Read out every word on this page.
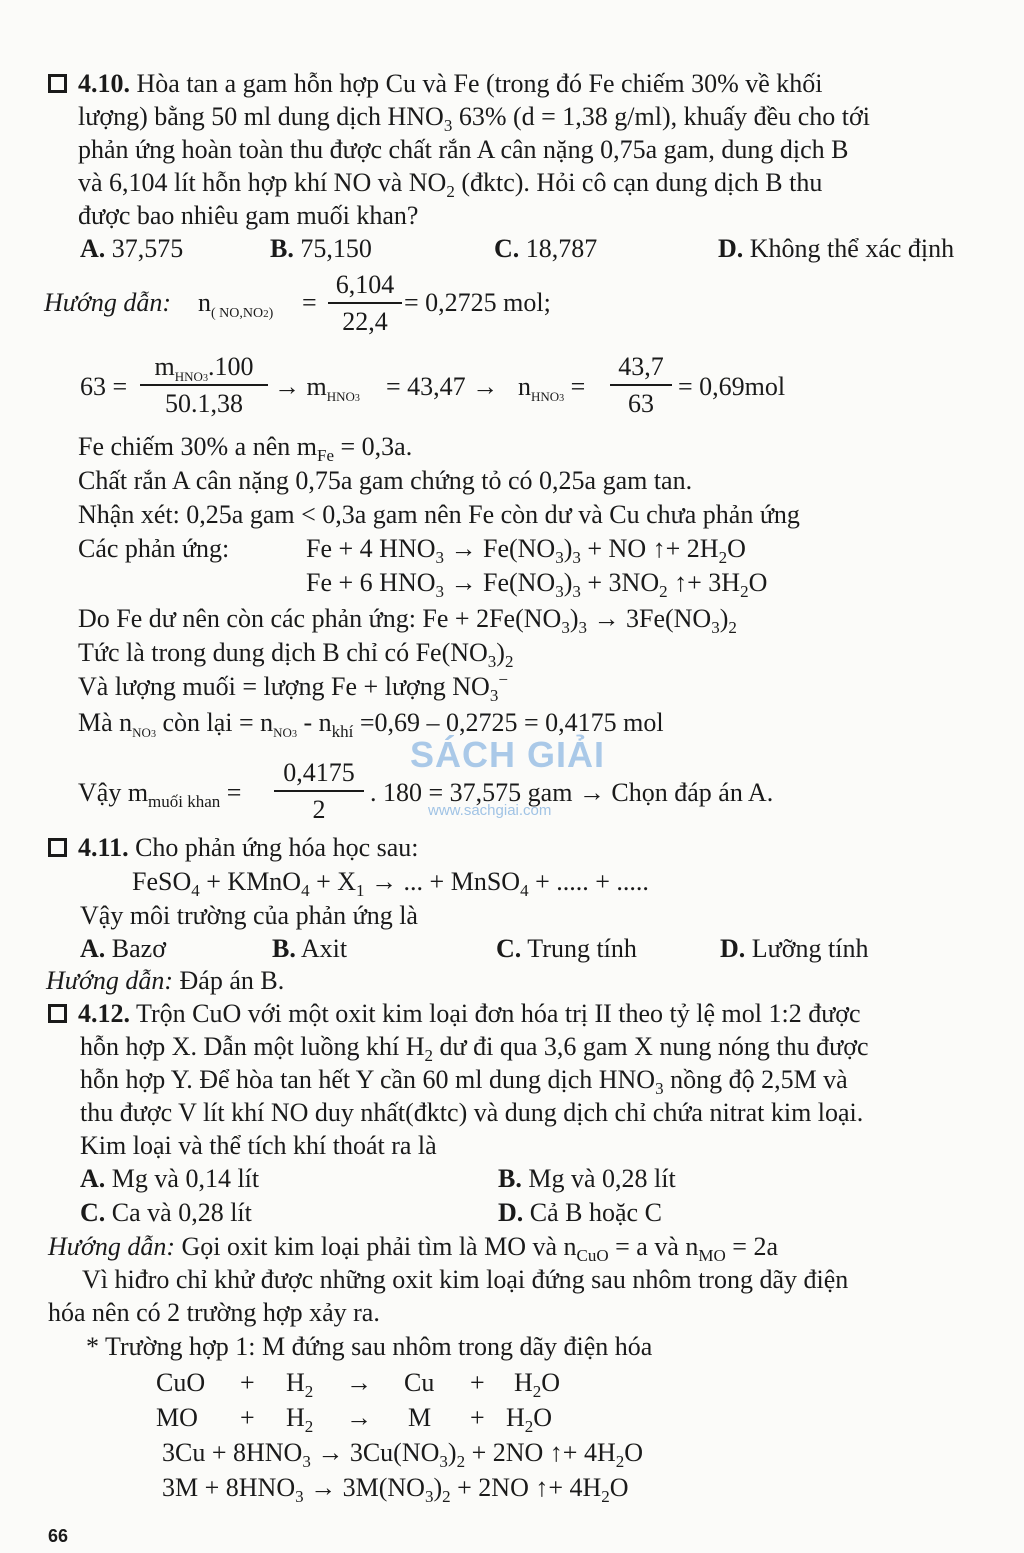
4.10. Hòa tan a gam hỗn hợp Cu và Fe (trong đó Fe chiếm 30% về khối
lượng) bằng 50 ml dung dịch $HNO_3$ 63% (d = 1,38 g/ml), khuấy đều cho tới
phản ứng hoàn toàn thu được chất rắn A cân nặng 0,75a gam, dung dịch B
và 6,104 lít hỗn hợp khí NO và $NO_2$ (đktc). Hỏi cô cạn dung dịch B thu
được bao nhiêu gam muối khan?
A. 37,575	B. 75,150	C. 18,787	D. Không thể xác định
Hướng dẫn: $n_{( NO,NO2)}$ =
6,104
22,4
= 0,2725 mol;
63 =
$m_{HNO3}.100$
50.1,38
→ $m_{HNO3} = 43,47 \to n_{HNO3}$ =
43,7
63
= 0,69mol
Fe chiếm 30% a nên $m_{Fe} = 0,3a$.
Chất rắn A cân nặng 0,75a gam chứng tỏ có 0,25a gam tan.
Nhận xét: 0,25a gam < 0,3a gam nên Fe còn dư và Cu chưa phản ứng
Các phản ứng:	Fe + 4 $HNO_3 \to Fe(NO_3)_3$ + NO ↑+ $2H_2O$
Fe + 6 $HNO_3 \to Fe(NO_3)_3 + 3NO_2$ ↑+ $3H_2O$
Do Fe dư nên còn các phản ứng: $Fe + 2Fe(NO_3)_3 \to 3Fe(NO_3)_2$
Tức là trong dung dịch B chỉ có $Fe(NO_3)_2$
Và lượng muối = lượng Fe + lượng $NO_3^-$
Mà $n_{NO3}$ còn lại = $n_{NO3} - n_{khí} =0,69 - 0,2725 = 0,4175$ mol
Vậy $m_{muối khan}$ =
0,4175
2
. 180 = 37,575 gam → Chọn đáp án A.
SÁCH GIẢI
www.sachgiai.com
4.11. Cho phản ứng hóa học sau:
FeSO$_4$ + KMnO$_4$ + $X_1$ → ... + MnSO$_4$ + ..... + .....
Vậy môi trường của phản ứng là
A. Bazơ	B. Axit	C. Trung tính	D. Lưỡng tính
Hướng dẫn: Đáp án B.
4.12. Trộn CuO với một oxit kim loại đơn hóa trị II theo tỷ lệ mol 1:2 được
hỗn hợp X. Dẫn một luồng khí $H_2$ dư đi qua 3,6 gam X nung nóng thu được
hỗn hợp Y. Để hòa tan hết Y cần 60 ml dung dịch $HNO_3$ nồng độ 2,5M và
thu được V lít khí NO duy nhất(đktc) và dung dịch chỉ chứa nitrat kim loại.
Kim loại và thể tích khí thoát ra là
A. Mg và 0,14 lít	B. Mg và 0,28 lít
C. Ca và 0,28 lít	D. Cả B hoặc C
Hướng dẫn: Gọi oxit kim loại phải tìm là MO và $n_{CuO} = a$ và $n_{MO} = 2a$
Vì hiđro chỉ khử được những oxit kim loại đứng sau nhôm trong dãy điện
hóa nên có 2 trường hợp xảy ra.
* Trường hợp 1: M đứng sau nhôm trong dãy điện hóa
CuO + $H_2 \to Cu + H_2O$
MO + $H_2 \to M + H_2O$
$3Cu + 8HNO_3 \to 3Cu(NO_3)_2 + 2NO$ ↑+ $4H_2O$
$3M + 8HNO_3 \to 3M(NO_3)_2 + 2NO$ ↑+ $4H_2O$
66
